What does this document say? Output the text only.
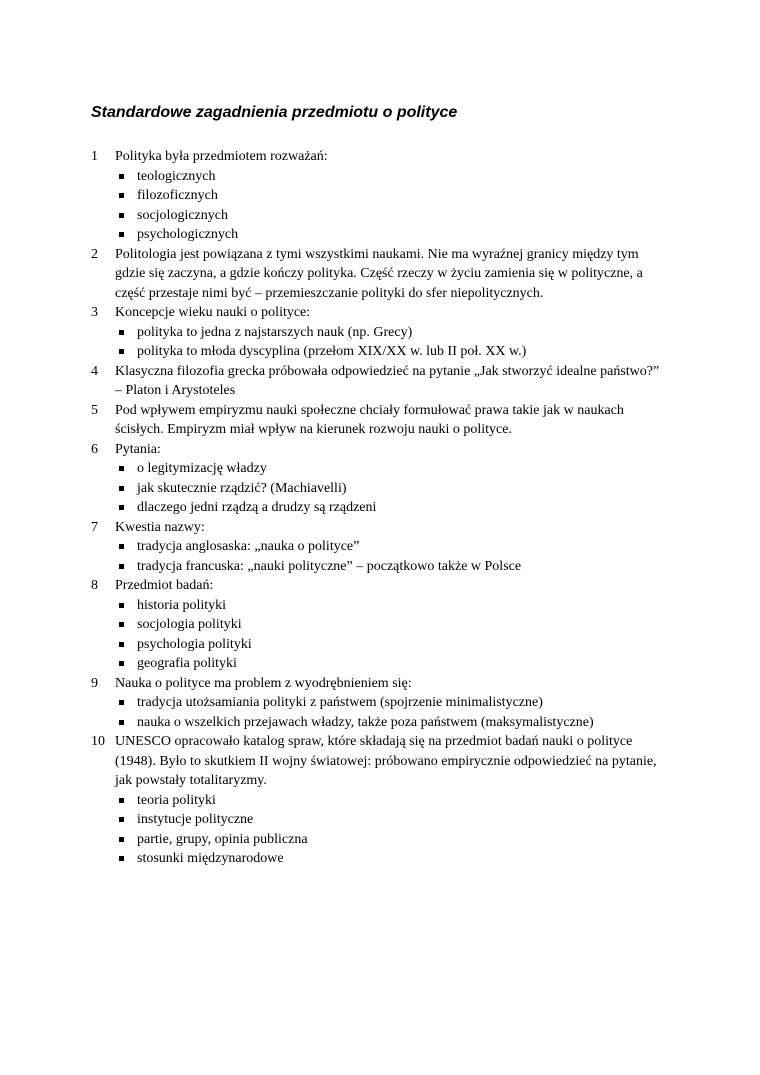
Standardowe zagadnienia przedmiotu o polityce
1	Polityka była przedmiotem rozważań:
teologicznych
filozoficznych
socjologicznych
psychologicznych
2	Politologia jest powiązana z tymi wszystkimi naukami. Nie ma wyraźnej granicy między tym gdzie się zaczyna, a gdzie kończy polityka. Część rzeczy w życiu zamienia się w polityczne, a część przestaje nimi być – przemieszczanie polityki do sfer niepolitycznych.
3	Koncepcje wieku nauki o polityce:
polityka to jedna z najstarszych nauk (np. Grecy)
polityka to młoda dyscyplina (przełom XIX/XX w. lub II poł. XX w.)
4	Klasyczna filozofia grecka próbowała odpowiedzieć na pytanie „Jak stworzyć idealne państwo?” – Platon i Arystoteles
5	Pod wpływem empiryzmu nauki społeczne chciały formułować prawa takie jak w naukach ścisłych. Empiryzm miał wpływ na kierunek rozwoju nauki o polityce.
6	Pytania:
o legitymizację władzy
jak skutecznie rządzić? (Machiavelli)
dlaczego jedni rządzą a drudzy są rządzeni
7	Kwestia nazwy:
tradycja anglosaska: „nauka o polityce”
tradycja francuska: „nauki polityczne” – początkowo także w Polsce
8	Przedmiot badań:
historia polityki
socjologia polityki
psychologia polityki
geografia polityki
9	Nauka o polityce ma problem z wyodrębnieniem się:
tradycja utożsamiania polityki z państwem (spojrzenie minimalistyczne)
nauka o wszelkich przejawach władzy, także poza państwem (maksymalistyczne)
10 UNESCO opracowało katalog spraw, które składają się na przedmiot badań nauki o polityce (1948). Było to skutkiem II wojny światowej: próbowano empirycznie odpowiedzieć na pytanie, jak powstały totalitaryzmy.
teoria polityki
instytucje polityczne
partie, grupy, opinia publiczna
stosunki międzynarodowe
